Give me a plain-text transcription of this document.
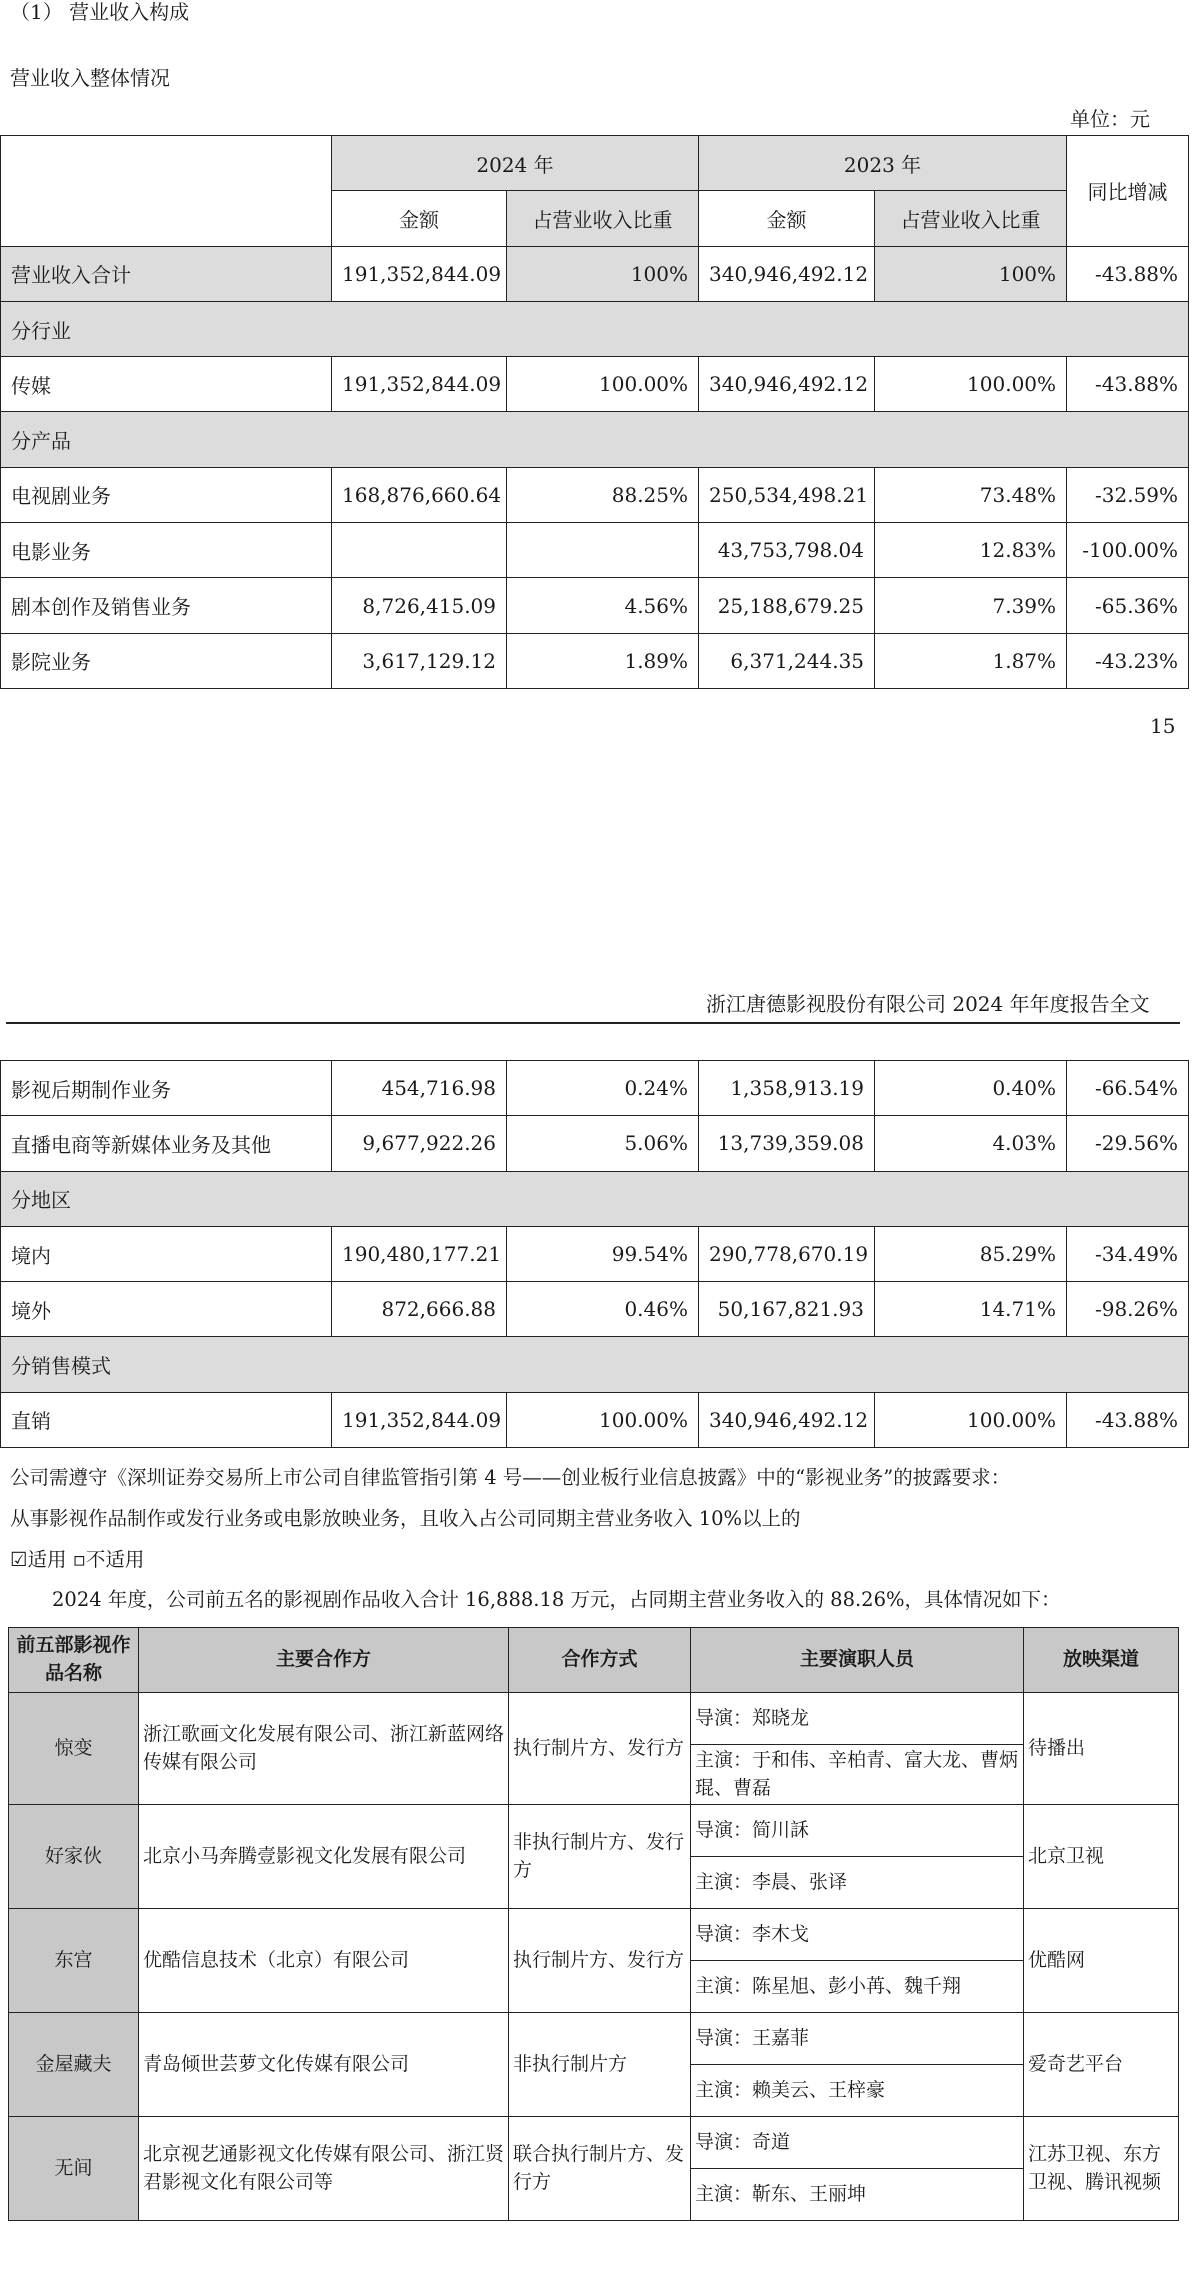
（1） 营业收入构成
营业收入整体情况
单位：元
	2024 年		2023 年		同比增减
	金额	占营业收入比重	金额	占营业收入比重	
营业收入合计	191,352,844.09	100%	340,946,492.12	100%	-43.88%
分行业					
传媒	191,352,844.09	100.00%	340,946,492.12	100.00%	-43.88%
分产品					
电视剧业务	168,876,660.64	88.25%	250,534,498.21	73.48%	-32.59%
电影业务			43,753,798.04	12.83%	-100.00%
剧本创作及销售业务	8,726,415.09	4.56%	25,188,679.25	7.39%	-65.36%
影院业务	3,617,129.12	1.89%	6,371,244.35	1.87%	-43.23%
15
浙江唐德影视股份有限公司 2024 年年度报告全文
影视后期制作业务	454,716.98	0.24%	1,358,913.19	0.40%	-66.54%
直播电商等新媒体业务及其他	9,677,922.26	5.06%	13,739,359.08	4.03%	-29.56%
分地区					
境内	190,480,177.21	99.54%	290,778,670.19	85.29%	-34.49%
境外	872,666.88	0.46%	50,167,821.93	14.71%	-98.26%
分销售模式					
直销	191,352,844.09	100.00%	340,946,492.12	100.00%	-43.88%
公司需遵守《深圳证券交易所上市公司自律监管指引第 4 号——创业板行业信息披露》中的“影视业务”的披露要求：
从事影视作品制作或发行业务或电影放映业务，且收入占公司同期主营业务收入 10%以上的
☑适用 ▫不适用
2024 年度，公司前五名的影视剧作品收入合计 16,888.18 万元，占同期主营业务收入的 88.26%，具体情况如下：
前五部影视作品名称	主要合作方	合作方式	主要演职人员	放映渠道
惊变	浙江歌画文化发展有限公司、浙江新蓝网络传媒有限公司	执行制片方、发行方	导演：郑晓龙	待播出
			主演：于和伟、辛柏青、富大龙、曹炳琨、曹磊	
好家伙	北京小马奔腾壹影视文化发展有限公司	非执行制片方、发行方	导演：简川訸	北京卫视
			主演：李晨、张译	
东宫	优酷信息技术（北京）有限公司	执行制片方、发行方	导演：李木戈	优酷网
			主演：陈星旭、彭小苒、魏千翔	
金屋藏夫	青岛倾世芸萝文化传媒有限公司	非执行制片方	导演：王嘉菲	爱奇艺平台
			主演：赖美云、王梓豪	
无间	北京视艺通影视文化传媒有限公司、浙江贤君影视文化有限公司等	联合执行制片方、发行方	导演：奇道	江苏卫视、东方卫视、腾讯视频
			主演：靳东、王丽坤	
